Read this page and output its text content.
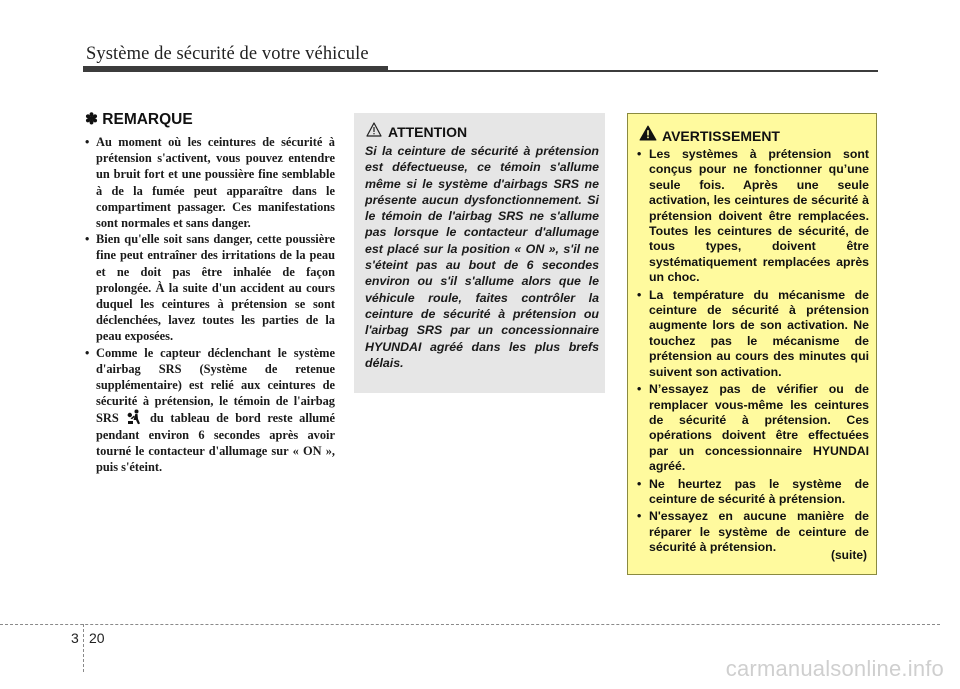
Système de sécurité de votre véhicule
✽ REMARQUE
• Au moment où les ceintures de sécurité à prétension s'activent, vous pouvez entendre un bruit fort et une poussière fine semblable à de la fumée peut apparaître dans le compartiment passager. Ces manifestations sont normales et sans danger.
• Bien qu'elle soit sans danger, cette poussière fine peut entraîner des irritations de la peau et ne doit pas être inhalée de façon prolongée. À la suite d'un accident au cours duquel les ceintures à prétension se sont déclenchées, lavez toutes les parties de la peau exposées.
• Comme le capteur déclenchant le système d'airbag SRS (Système de retenue supplémentaire) est relié aux ceintures de sécurité à prétension, le témoin de l'airbag SRS	du tableau de bord reste allumé pendant environ 6 secondes après avoir tourné le contacteur d'allumage sur « ON », puis s'éteint.
ATTENTION
Si la ceinture de sécurité à prétension est défectueuse, ce témoin s'allume même si le système d'airbags SRS ne présente aucun dysfonctionnement. Si le témoin de l'airbag SRS ne s'allume pas lorsque le contacteur d'allumage est placé sur la position « ON », s'il ne s'éteint pas au bout de 6 secondes environ ou s'il s'allume alors que le véhicule roule, faites contrôler la ceinture de sécurité à prétension ou l'airbag SRS par un concessionnaire HYUNDAI agréé dans les plus brefs délais.
AVERTISSEMENT
• Les systèmes à prétension sont conçus pour ne fonctionner qu’une seule fois. Après une seule activation, les ceintures de sécurité à prétension doivent être remplacées. Toutes les ceintures de sécurité, de tous types, doivent être systématiquement remplacées après un choc.
• La température du mécanisme de ceinture de sécurité à prétension augmente lors de son activation. Ne touchez pas le mécanisme de prétension au cours des minutes qui suivent son activation.
• N’essayez pas de vérifier ou de remplacer vous-même les ceintures de sécurité à prétension. Ces opérations doivent être effectuées par un concessionnaire HYUNDAI agréé.
• Ne heurtez pas le système de ceinture de sécurité à prétension.
• N'essayez en aucune manière de réparer le système de ceinture de sécurité à prétension.
(suite)
3 20
carmanualsonline.info
